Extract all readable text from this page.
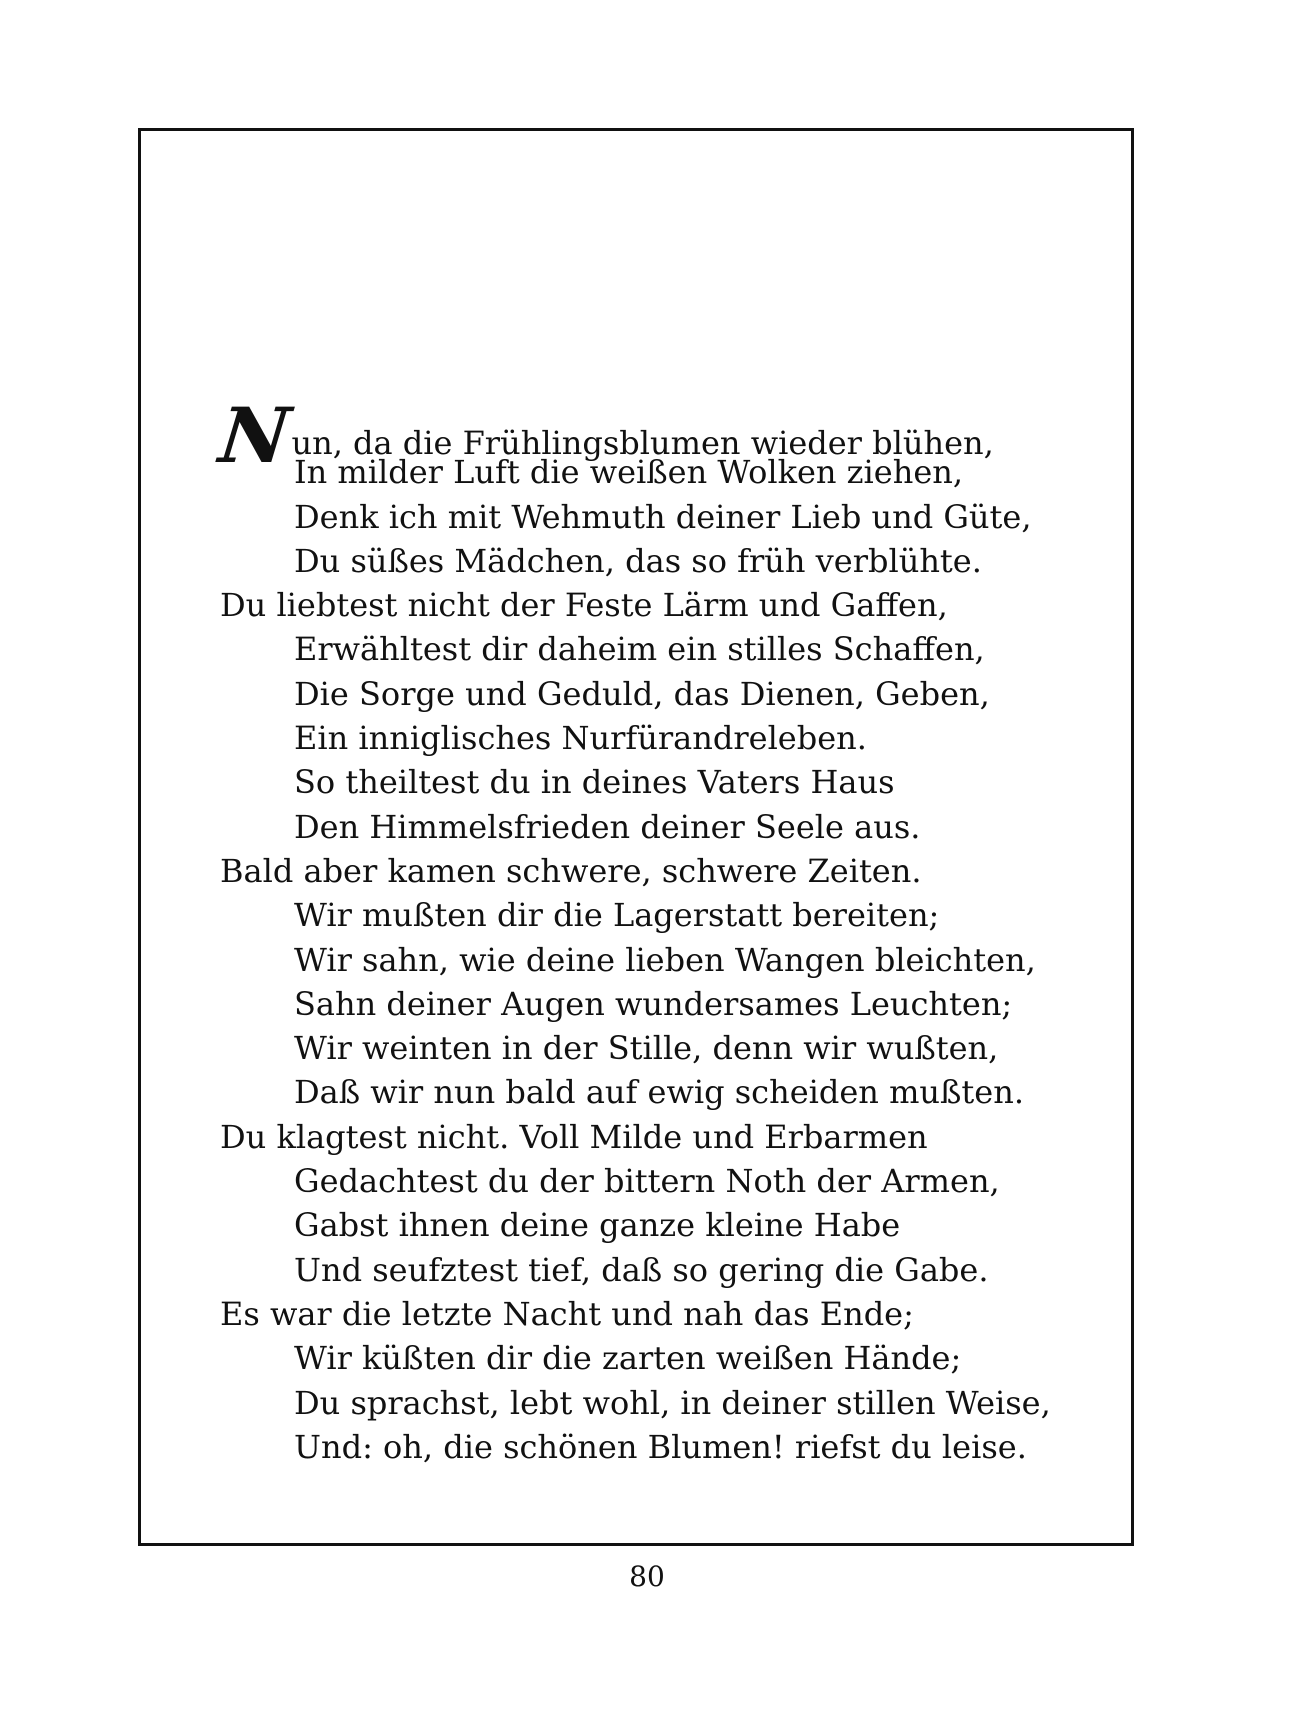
Nun, da die Frühlingsblumen wieder blühen,
In milder Luft die weißen Wolken ziehen,
Denk ich mit Wehmuth deiner Lieb und Güte,
Du süßes Mädchen, das so früh verblühte.
Du liebtest nicht der Feste Lärm und Gaffen,
Erwähltest dir daheim ein stilles Schaffen,
Die Sorge und Geduld, das Dienen, Geben,
Ein inniglisches Nurfürandreleben.
So theiltest du in deines Vaters Haus
Den Himmelsfrieden deiner Seele aus.
Bald aber kamen schwere, schwere Zeiten.
Wir mußten dir die Lagerstatt bereiten;
Wir sahn, wie deine lieben Wangen bleichten,
Sahn deiner Augen wundersames Leuchten;
Wir weinten in der Stille, denn wir wußten,
Daß wir nun bald auf ewig scheiden mußten.
Du klagtest nicht. Voll Milde und Erbarmen
Gedachtest du der bittern Noth der Armen,
Gabst ihnen deine ganze kleine Habe
Und seufztest tief, daß so gering die Gabe.
Es war die letzte Nacht und nah das Ende;
Wir küßten dir die zarten weißen Hände;
Du sprachst, lebt wohl, in deiner stillen Weise,
Und: oh, die schönen Blumen! riefst du leise.
80
